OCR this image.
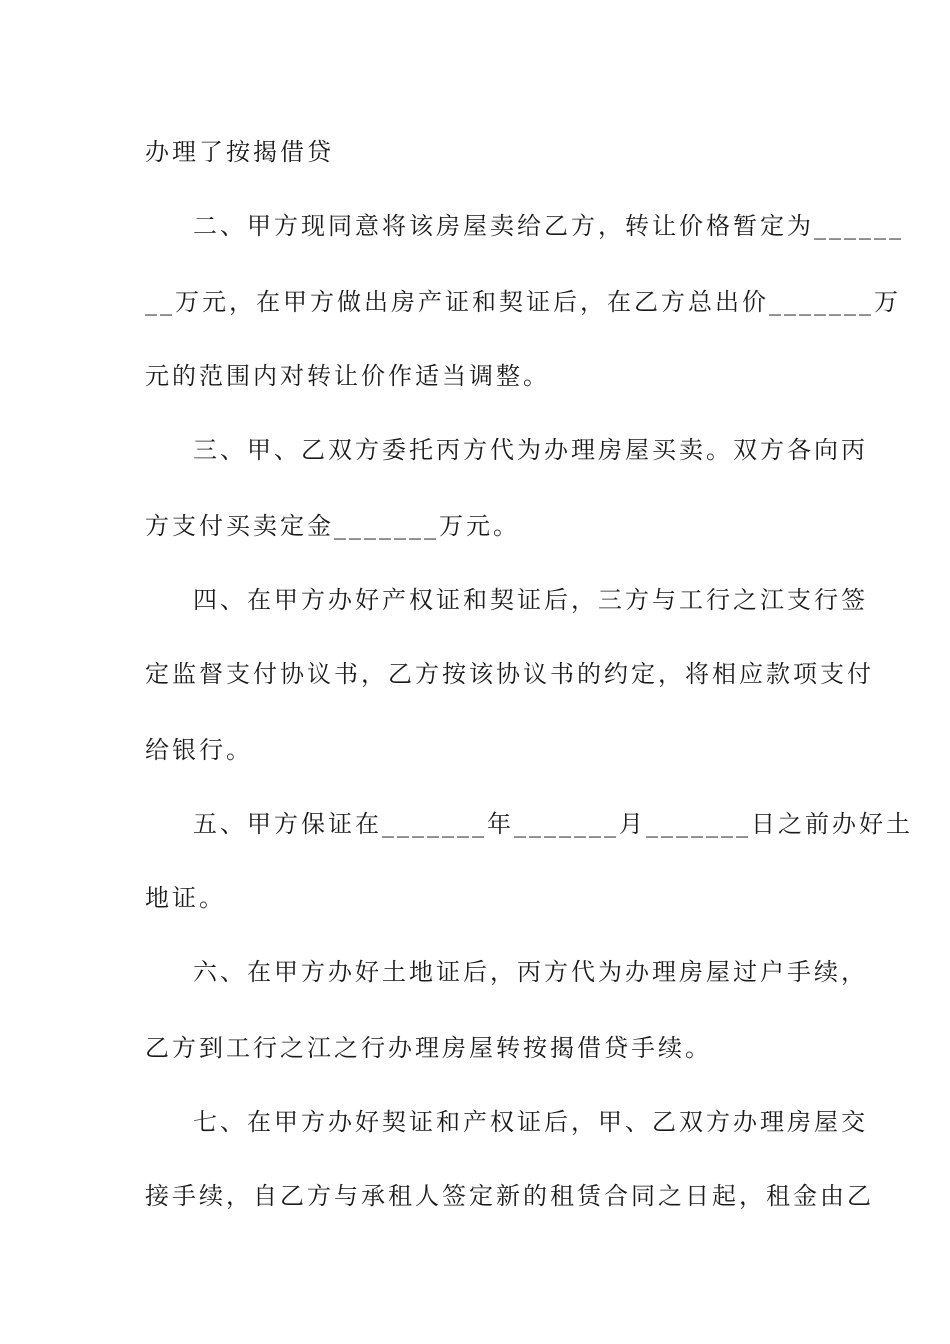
办理了按揭借贷
二、甲方现同意将该房屋卖给乙方，转让价格暂定为______
__万元，在甲方做出房产证和契证后，在乙方总出价_______万
元的范围内对转让价作适当调整。
三、甲、乙双方委托丙方代为办理房屋买卖。双方各向丙
方支付买卖定金_______万元。
四、在甲方办好产权证和契证后，三方与工行之江支行签
定监督支付协议书，乙方按该协议书的约定，将相应款项支付
给银行。
五、甲方保证在_______年_______月_______日之前办好土
地证。
六、在甲方办好土地证后，丙方代为办理房屋过户手续，
乙方到工行之江之行办理房屋转按揭借贷手续。
七、在甲方办好契证和产权证后，甲、乙双方办理房屋交
接手续，自乙方与承租人签定新的租赁合同之日起，租金由乙
